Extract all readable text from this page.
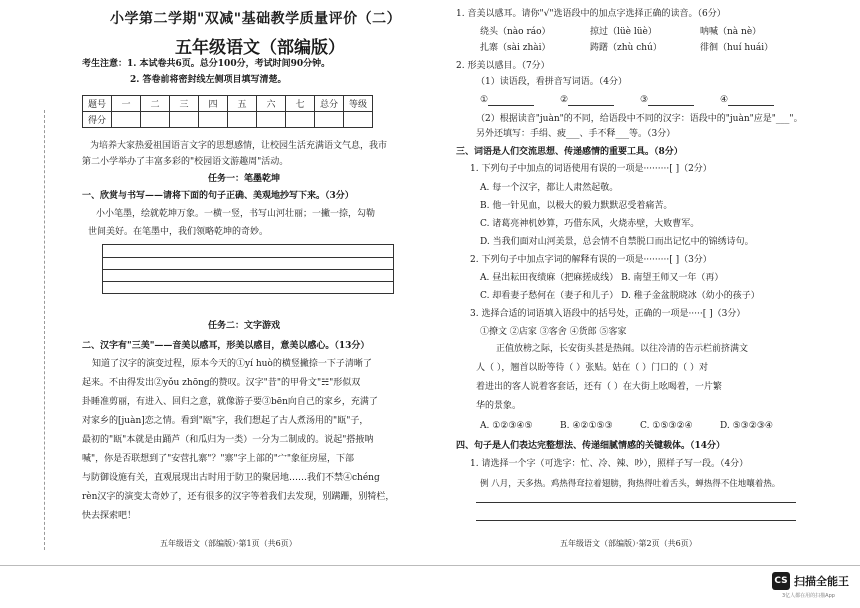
小学第二学期"双减"基础教学质量评价（二）
五年级语文（部编版）
考生注意：1. 本试卷共6页。总分100分，考试时间90分钟。
2. 答卷前将密封线左侧项目填写清楚。
题号	一	二	三	四	五	六	七	总分	等级
得分									
为培养大家热爱祖国语言文字的思想感情，让校园生活充满语文气息，我市
第二小学举办了丰富多彩的"校园语文游趣周"活动。
任务一：笔墨乾坤
一、欣赏与书写——请将下面的句子正确、美观地抄写下来。（3分）
小小笔墨，绘就乾坤万象。一横一竖，书写山河壮丽；一撇一捺，勾勒
世间美好。在笔墨中，我们领略乾坤的奇妙。
任务二：文字游戏
二、汉字有"三美"——音美以感耳，形美以感目，意美以感心。（13分）
知道了汉字的演变过程，原本今天的①yí huò的横竖撇捺一下子清晰了
起来。不由得发出②yǒu zhōng的赞叹。汉字"昔"的甲骨文"☵"形似双
卦睡准剪丽，有进入、回归之意，就像游子要③bēn向自己的家乡，充满了
对家乡的[juàn]恋之情。看到"瓯"字，我们想起了古人煮汤用的"瓯"子，
最初的"瓯"本就是由踊芦（和瓜归为一类）一分为二制成的。说起"搭掖呐
喊"，你是否联想到了"安营扎寨"？"寨"字上部的"宀"象征房屋，下部
与防御设施有关，直观展现出古时用于防卫的聚居地……我们不禁④chéng
rèn汉字的演变太奇妙了，还有很多的汉字等着我们去发现，别蹒跚，别犄栏，
快去探索吧！
五年级语文（部编版）·第1页（共6页）
1. 音美以感耳。请你"√"选语段中的加点字选择正确的读音。（6分）
绕头（nào ráo）	掠过（lüè lüè）	呐喊（nà nè）
扎寨（sài zhài）	踌躇（zhù chú）	徘徊（huí huái）
2. 形美以感目。（7分）
（1）读语段，看拼音写词语。（4分）
①	②	③	④
（2）根据读音"juàn"的不同，给语段中不同的汉字：语段中的"juàn"应是"___"。
另外还填写：手绢、疲___、手不释___等。（3分）
三、词语是人们交流思想、传递感情的重要工具。（8分）
1. 下列句子中加点的词语使用有误的一项是·········[ ]（2分）
A. 每一个汉字，都让人肃然起敬。
B. 他一针见血，以极大的毅力默默忍受着痛苦。
C. 诸葛亮神机妙算，巧借东风，火烧赤壁，大败曹军。
D. 当我们面对山河美景，总会情不自禁脱口而出记忆中的锦绣诗句。
2. 下列句子中加点字词的解释有误的一项是·········[ ]（3分）
A. 昼出耘田夜绩麻（把麻搓成线） B. 南望王师又一年（再）
C. 却看妻子愁何在（妻子和儿子） D. 稚子金盆脱晓冰（幼小的孩子）
3. 选择合适的词语填入语段中的括号处，正确的一项是·····[ ]（3分）
①撩文 ②店家 ③客舍 ④货郎 ⑤客家
正值放榜之际，长安街头甚是热闹。以往冷清的告示栏前挤满文
人（ ），翘首以盼等待（ ）张贴。姑在（ ）门口的（ ）对
着进出的客人说着客套话，还有（ ）在大街上吆喝着，一片繁
华的景象。
A. ①②③④⑤	B. ④②①⑤③	C. ①⑤③②④	D. ⑤③②③④
四、句子是人们表达完整想法、传递细腻情感的关键载体。（14分）
1. 请选择一个字（可选字：忙、冷、辣、吵），照样子写一段。（4分）
例 八月，天多热。鸡热得耷拉着翅膀，狗热得吐着舌头，蝉热得不住地嚷着热。
五年级语文（部编版）·第2页（共6页）
CS 扫描全能王
3亿人都在用的扫描App
